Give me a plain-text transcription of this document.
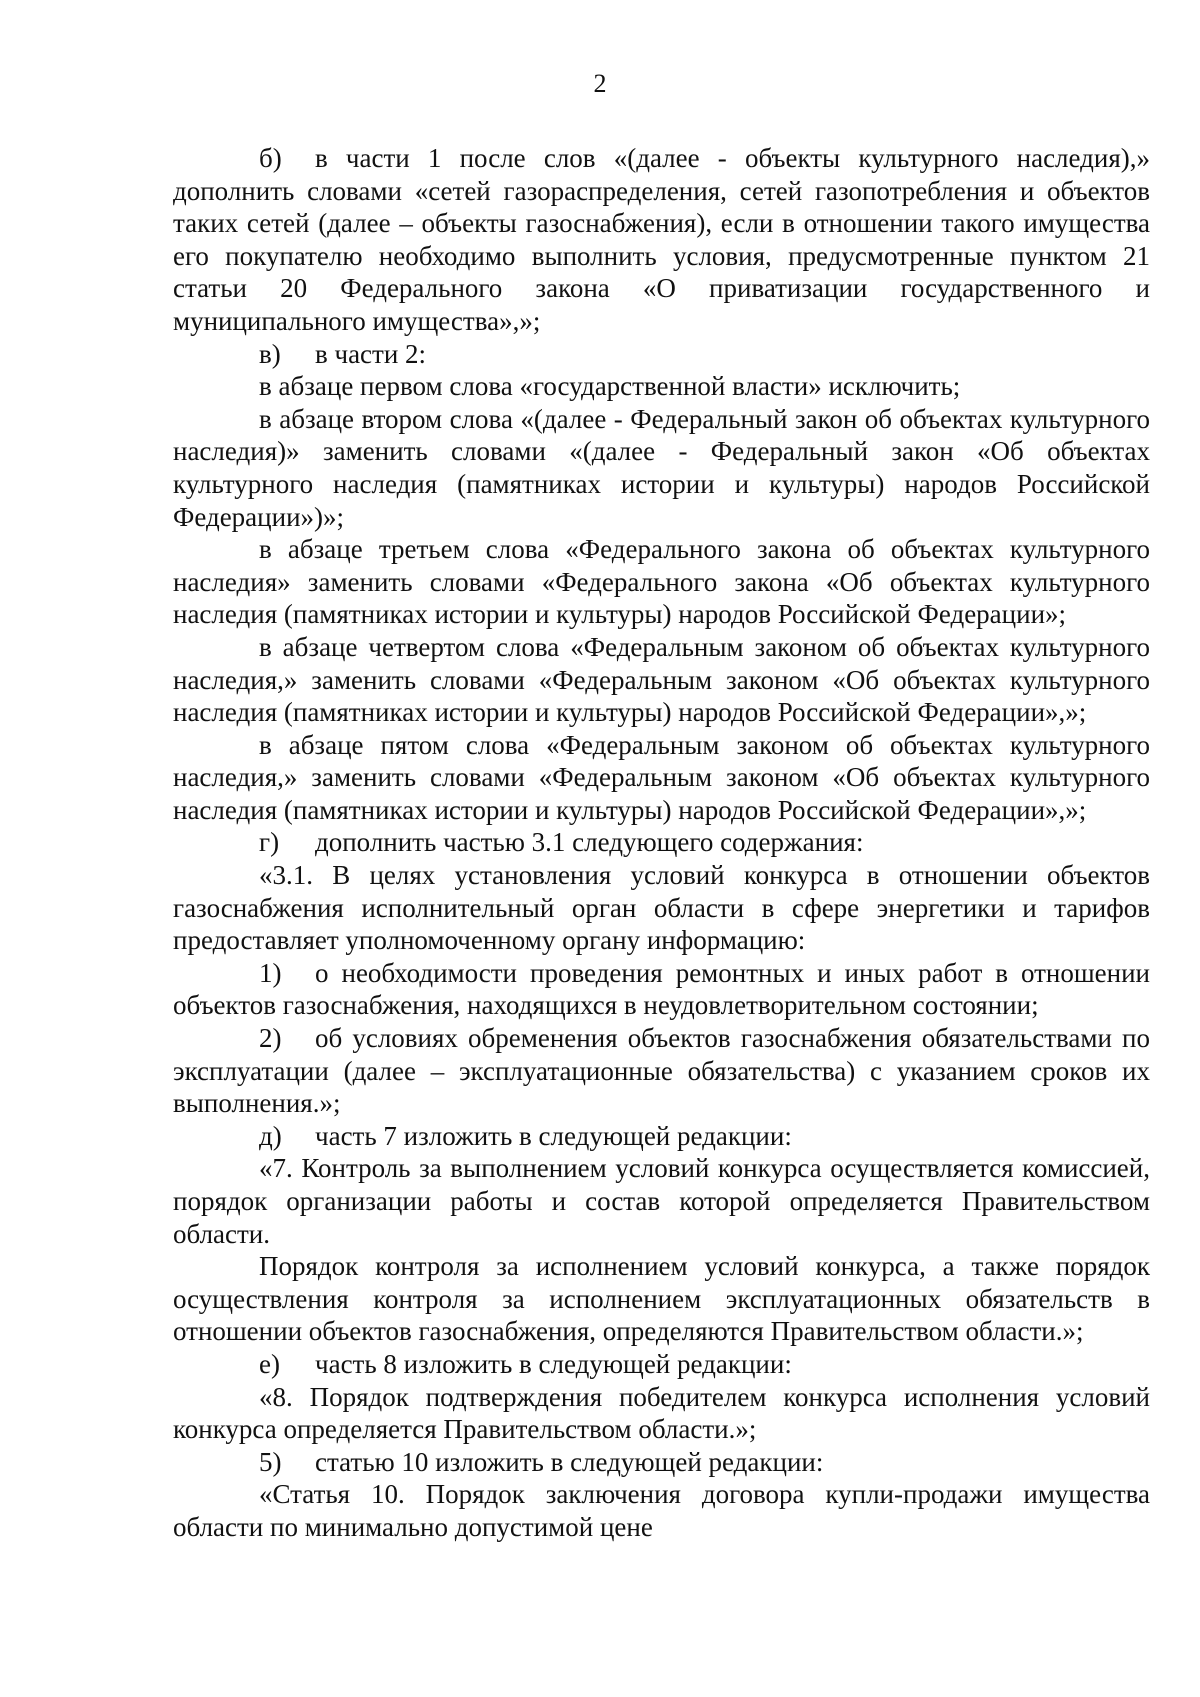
2

б) в части 1 после слов «(далее - объекты культурного наследия),» дополнить словами «сетей газораспределения, сетей газопотребления и объектов таких сетей (далее – объекты газоснабжения), если в отношении такого имущества его покупателю необходимо выполнить условия, предусмотренные пунктом 21 статьи 20 Федерального закона «О приватизации государственного и муниципального имущества»,»;

в) в части 2:

в абзаце первом слова «государственной власти» исключить;

в абзаце втором слова «(далее - Федеральный закон об объектах культурного наследия)» заменить словами «(далее - Федеральный закон «Об объектах культурного наследия (памятниках истории и культуры) народов Российской Федерации»)»;

в абзаце третьем слова «Федерального закона об объектах культурного наследия» заменить словами «Федерального закона «Об объектах культурного наследия (памятниках истории и культуры) народов Российской Федерации»;

в абзаце четвертом слова «Федеральным законом об объектах культурного наследия,» заменить словами «Федеральным законом «Об объектах культурного наследия (памятниках истории и культуры) народов Российской Федерации»,»;

в абзаце пятом слова «Федеральным законом об объектах культурного наследия,» заменить словами «Федеральным законом «Об объектах культурного наследия (памятниках истории и культуры) народов Российской Федерации»,»;

г) дополнить частью 3.1 следующего содержания:

«3.1. В целях установления условий конкурса в отношении объектов газоснабжения исполнительный орган области в сфере энергетики и тарифов предоставляет уполномоченному органу информацию:

1) о необходимости проведения ремонтных и иных работ в отношении объектов газоснабжения, находящихся в неудовлетворительном состоянии;

2) об условиях обременения объектов газоснабжения обязательствами по эксплуатации (далее – эксплуатационные обязательства) с указанием сроков их выполнения.»;

д) часть 7 изложить в следующей редакции:

«7. Контроль за выполнением условий конкурса осуществляется комиссией, порядок организации работы и состав которой определяется Правительством области.

Порядок контроля за исполнением условий конкурса, а также порядок осуществления контроля за исполнением эксплуатационных обязательств в отношении объектов газоснабжения, определяются Правительством области.»;

е) часть 8 изложить в следующей редакции:

«8. Порядок подтверждения победителем конкурса исполнения условий конкурса определяется Правительством области.»;

5) статью 10 изложить в следующей редакции:

«Статья 10. Порядок заключения договора купли-продажи имущества области по минимально допустимой цене
